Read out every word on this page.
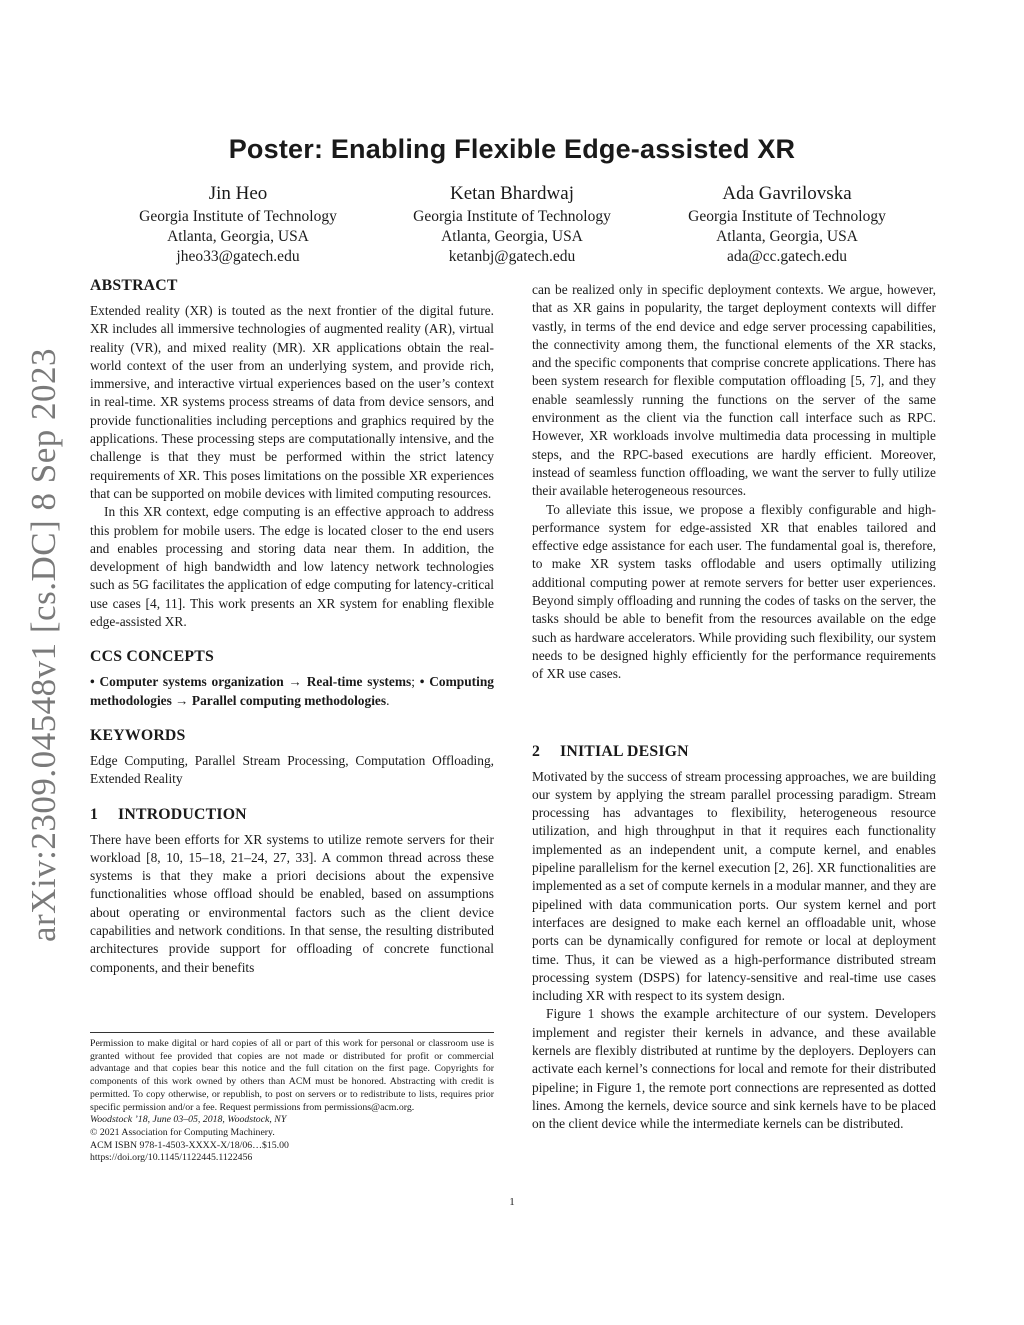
Poster: Enabling Flexible Edge-assisted XR
Jin Heo
Georgia Institute of Technology
Atlanta, Georgia, USA
jheo33@gatech.edu
Ketan Bhardwaj
Georgia Institute of Technology
Atlanta, Georgia, USA
ketanbj@gatech.edu
Ada Gavrilovska
Georgia Institute of Technology
Atlanta, Georgia, USA
ada@cc.gatech.edu
arXiv:2309.04548v1 [cs.DC] 8 Sep 2023
ABSTRACT

Extended reality (XR) is touted as the next frontier of the digital future. XR includes all immersive technologies of augmented reality (AR), virtual reality (VR), and mixed reality (MR). XR applications obtain the real-world context of the user from an underlying system, and provide rich, immersive, and interactive virtual experiences based on the user’s context in real-time. XR systems process streams of data from device sensors, and provide functionalities including perceptions and graphics required by the applications. These processing steps are computationally intensive, and the challenge is that they must be performed within the strict latency requirements of XR. This poses limitations on the possible XR experiences that can be supported on mobile devices with limited computing resources.

In this XR context, edge computing is an effective approach to address this problem for mobile users. The edge is located closer to the end users and enables processing and storing data near them. In addition, the development of high bandwidth and low latency network technologies such as 5G facilitates the application of edge computing for latency-critical use cases [4, 11]. This work presents an XR system for enabling flexible edge-assisted XR.

CCS CONCEPTS

• Computer systems organization → Real-time systems; • Computing methodologies → Parallel computing methodologies.

KEYWORDS

Edge Computing, Parallel Stream Processing, Computation Offloading, Extended Reality

1 INTRODUCTION

There have been efforts for XR systems to utilize remote servers for their workload [8, 10, 15–18, 21–24, 27, 33]. A common thread across these systems is that they make a priori decisions about the expensive functionalities whose offload should be enabled, based on assumptions about operating or environmental factors such as the client device capabilities and network conditions. In that sense, the resulting distributed architectures provide support for offloading of concrete functional components, and their benefits

Permission to make digital or hard copies of all or part of this work for personal or classroom use is granted without fee provided that copies are not made or distributed for profit or commercial advantage and that copies bear this notice and the full citation on the first page. Copyrights for components of this work owned by others than ACM must be honored. Abstracting with credit is permitted. To copy otherwise, or republish, to post on servers or to redistribute to lists, requires prior specific permission and/or a fee. Request permissions from permissions@acm.org.

Woodstock ’18, June 03–05, 2018, Woodstock, NY
© 2021 Association for Computing Machinery.
ACM ISBN 978-1-4503-XXXX-X/18/06…$15.00
https://doi.org/10.1145/1122445.1122456

can be realized only in specific deployment contexts. We argue, however, that as XR gains in popularity, the target deployment contexts will differ vastly, in terms of the end device and edge server processing capabilities, the connectivity among them, the functional elements of the XR stacks, and the specific components that comprise concrete applications. There has been system research for flexible computation offloading [5, 7], and they enable seamlessly running the functions on the server of the same environment as the client via the function call interface such as RPC. However, XR workloads involve multimedia data processing in multiple steps, and the RPC-based executions are hardly efficient. Moreover, instead of seamless function offloading, we want the server to fully utilize their available heterogeneous resources.

To alleviate this issue, we propose a flexibly configurable and high-performance system for edge-assisted XR that enables tailored and effective edge assistance for each user. The fundamental goal is, therefore, to make XR system tasks offlodable and users optimally utilizing additional computing power at remote servers for better user experiences. Beyond simply offloading and running the codes of tasks on the server, the tasks should be able to benefit from the resources available on the edge such as hardware accelerators. While providing such flexibility, our system needs to be designed highly efficiently for the performance requirements of XR use cases.

2 INITIAL DESIGN

Motivated by the success of stream processing approaches, we are building our system by applying the stream parallel processing paradigm. Stream processing has advantages to flexibility, heterogeneous resource utilization, and high throughput in that it requires each functionality implemented as an independent unit, a compute kernel, and enables pipeline parallelism for the kernel execution [2, 26]. XR functionalities are implemented as a set of compute kernels in a modular manner, and they are pipelined with data communication ports. Our system kernel and port interfaces are designed to make each kernel an offloadable unit, whose ports can be dynamically configured for remote or local at deployment time. Thus, it can be viewed as a high-performance distributed stream processing system (DSPS) for latency-sensitive and real-time use cases including XR with respect to its system design.

Figure 1 shows the example architecture of our system. Developers implement and register their kernels in advance, and these available kernels are flexibly distributed at runtime by the deployers. Deployers can activate each kernel’s connections for local and remote for their distributed pipeline; in Figure 1, the remote port connections are represented as dotted lines. Among the kernels, device source and sink kernels have to be placed on the client device while the intermediate kernels can be distributed.

1
